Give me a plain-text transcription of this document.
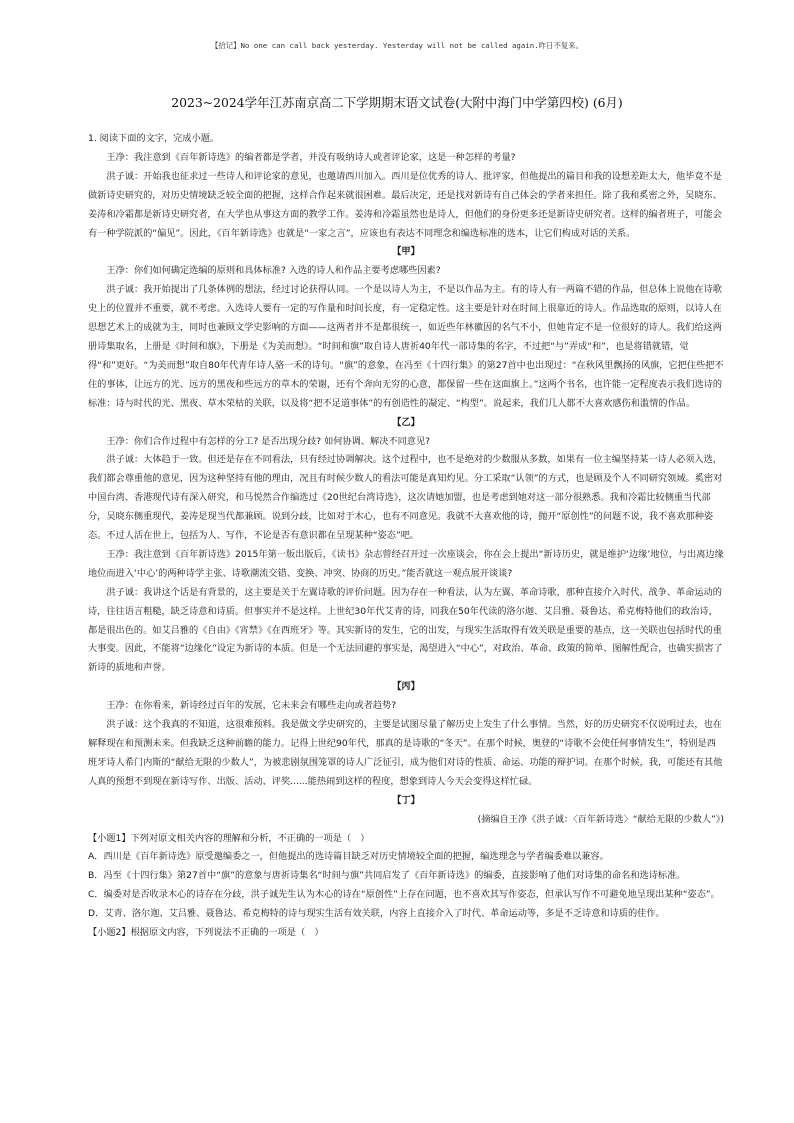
【拾记】No one can call back yesterday. Yesterday will not be called again.昨日不复来。
2023~2024学年江苏南京高二下学期期末语文试卷(大附中海门中学第四校) (6月)

1. 阅读下面的文字，完成小题。

王净：我注意到《百年新诗选》的编者都是学者，并没有吸纳诗人或者评论家，这是一种怎样的考量?

洪子诚：开始我也征求过一些诗人和评论家的意见，也邀请西川加入。西川是位优秀的诗人、批评家，但他提出的篇目和我的设想差距太大，他毕竟不是做新诗史研究的，对历史情境缺乏较全面的把握，这样合作起来就很困难。最后决定，还是找对新诗有自己体会的学者来担任。除了我和奚密之外，吴晓东、姜涛和冷霜都是新诗史研究者，在大学也从事这方面的教学工作。姜涛和冷霜虽然也是诗人，但他们的身份更多还是新诗史研究者。这样的编者班子，可能会有一种学院派的“偏见”。因此，《百年新诗选》也就是“一家之言”，应该也有表达不同理念和编选标准的选本，让它们构成对话的关系。

【甲】

王净：你们如何确定选编的原则和具体标准? 入选的诗人和作品主要考虑哪些因素?

洪子诚：我开始提出了几条体例的想法，经过讨论获得认同。一个是以诗人为主，不是以作品为主。有的诗人有一两篇不错的作品，但总体上说他在诗歌史上的位置并不重要，就不考虑。入选诗人要有一定的写作量和时间长度，有一定稳定性。这主要是针对在时间上很靠近的诗人。作品选取的原则，以诗人在思想艺术上的成就为主，同时也兼顾文学史影响的方面——这两者并不是都很统一，如近些年林徽因的名气不小，但她肯定不是一位很好的诗人。我们给这两册诗集取名，上册是《时间和旗》，下册是《为美而想》。“时间和旗”取自诗人唐祈40年代一部诗集的名字，不过把“与”弄成“和”，也是将错就错，觉得“和”更好。“为美而想”取自80年代青年诗人骆一禾的诗句。“旗”的意象，在冯至《十四行集》的第27首中也出现过：“在秋风里飘扬的风旗，它把住些把不住的事体，让远方的光、远方的黑夜和些远方的草木的荣谢，还有个奔向无穷的心意，都保留一些在这面旗上。”这两个书名，也许能一定程度表示我们选诗的标准：诗与时代的光、黑夜、草木荣枯的关联，以及将“把不足道事体”的有创造性的凝定、“构型”。说起来，我们几人都不大喜欢感伤和滥情的作品。

【乙】

王净：你们合作过程中有怎样的分工? 是否出现分歧? 如何协调、解决不同意见?

洪子诚：大体趋于一致。但还是存在不同看法，只有经过协调解决。这个过程中，也不是绝对的少数服从多数，如果有一位主编坚持某一诗人必须入选，我们都会尊重他的意见，因为这种坚持有他的理由，况且有时候少数人的看法可能是真知灼见。分工采取“认领”的方式，也是顾及个人不同研究领域。奚密对中国台湾、香港现代诗有深入研究，和马悦然合作编选过《20世纪台湾诗选》，这次请她加盟，也是考虑到她对这一部分很熟悉。我和冷霜比较侧重当代部分，吴晓东侧重现代，姜涛是现当代都兼顾。说到分歧，比如对于木心，也有不同意见。我就不大喜欢他的诗，抛开“原创性”的问题不说，我不喜欢那种姿态。不过人活在世上，包括为人、写作，不论是否有意识都在呈现某种“姿态”吧。

王净：我注意到《百年新诗选》2015年第一版出版后，《读书》杂志曾经召开过一次座谈会，你在会上提出“新诗历史，就是维护‘边缘’地位，与出离边缘地位而进入‘中心’的两种诗学主张、诗歌潮流交错、变换、冲突、协商的历史。”能否就这一观点展开谈谈?

洪子诚：我讲这个话是有背景的，这主要是关于左翼诗歌的评价问题。因为存在一种看法，认为左翼、革命诗歌，那种直接介入时代、战争、革命运动的诗，往往语言粗糙，缺乏诗意和诗质。但事实并不是这样。上世纪30年代艾青的诗，同我在50年代读的洛尔迦、艾吕雅、聂鲁达、希克梅特他们的政治诗，都是很出色的。如艾吕雅的《自由》《宵禁》《在西班牙》等。其实新诗的发生，它的出发，与现实生活取得有效关联是重要的基点，这一关联也包括时代的重大事变。因此，不能将“边缘化”设定为新诗的本质。但是一个无法回避的事实是，渴望进入“中心”，对政治、革命、政策的简单、图解性配合，也确实损害了新诗的质地和声誉。

【丙】

王净：在你看来，新诗经过百年的发展，它未来会有哪些走向或者趋势?

洪子诚：这个我真的不知道，这很难预料。我是做文学史研究的，主要是试图尽量了解历史上发生了什么事情。当然，好的历史研究不仅说明过去，也在解释现在和预测未来。但我缺乏这种前瞻的能力。记得上世纪90年代，那真的是诗歌的“冬天”。在那个时候，奥登的“诗歌不会使任何事情发生”，特别是西班牙诗人希门内斯的“献给无限的少数人”，为被悲剧氛围笼罩的诗人广泛征引，成为他们对诗的性质、命运、功能的辩护词。在那个时候，我，可能还有其他人真的预想不到现在新诗写作、出版、活动、评奖......能热闹到这样的程度，想象到诗人今天会变得这样忙碌。

【丁】

(摘编自王净《洪子诚：〈百年新诗选〉“献给无限的少数人”》)

【小题1】下列对原文相关内容的理解和分析，不正确的一项是（　）

A．西川是《百年新诗选》原受邀编委之一，但他提出的选诗篇目缺乏对历史情境较全面的把握，编选理念与学者编委难以兼容。

B．冯至《十四行集》第27首中“旗”的意象与唐祈诗集名“时间与旗”共同启发了《百年新诗选》的编委，直接影响了他们对诗集的命名和选诗标准。

C．编委对是否收录木心的诗存在分歧，洪子诚先生认为木心的诗在“原创性”上存在问题，也不喜欢其写作姿态，但承认写作不可避免地呈现出某种“姿态”。

D．艾青、洛尔迦、艾吕雅、聂鲁达、希克梅特的诗与现实生活有效关联，内容上直接介入了时代、革命运动等，多是不乏诗意和诗质的佳作。

【小题2】根据原文内容，下列说法不正确的一项是（　）
